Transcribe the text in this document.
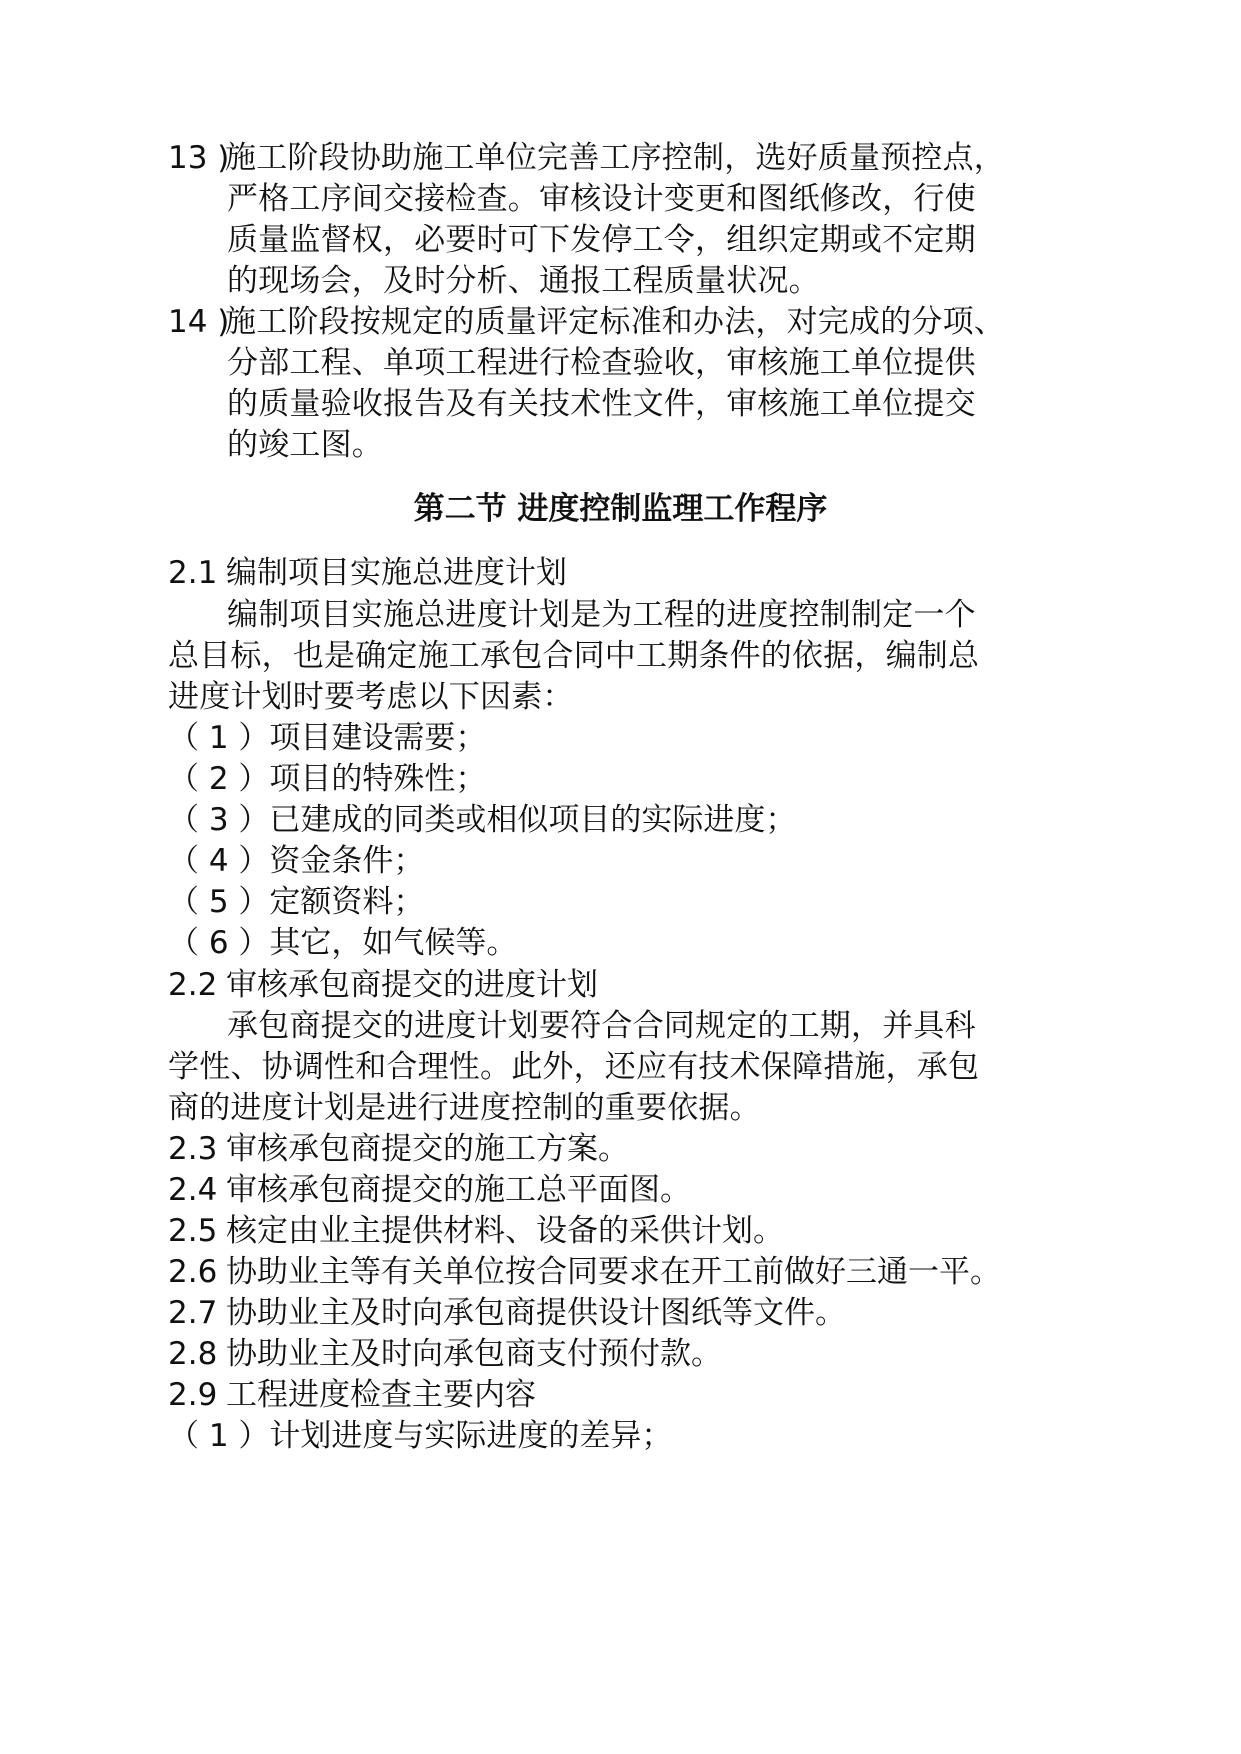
13 )
施工阶段协助施工单位完善工序控制，选好质量预控点，
严格工序间交接检查。审核设计变更和图纸修改，行使
质量监督权，必要时可下发停工令，组织定期或不定期
的现场会，及时分析、通报工程质量状况。
14 )
施工阶段按规定的质量评定标准和办法，对完成的分项、
分部工程、单项工程进行检查验收，审核施工单位提供
的质量验收报告及有关技术性文件，审核施工单位提交
的竣工图。
第二节 进度控制监理工作程序
2.1 编制项目实施总进度计划
编制项目实施总进度计划是为工程的进度控制制定一个
总目标，也是确定施工承包合同中工期条件的依据，编制总
进度计划时要考虑以下因素：
（ 1 ）项目建设需要；
（ 2 ）项目的特殊性；
（ 3 ）已建成的同类或相似项目的实际进度；
（ 4 ）资金条件；
（ 5 ）定额资料；
（ 6 ）其它，如气候等。
2.2 审核承包商提交的进度计划
承包商提交的进度计划要符合合同规定的工期，并具科
学性、协调性和合理性。此外，还应有技术保障措施，承包
商的进度计划是进行进度控制的重要依据。
2.3 审核承包商提交的施工方案。
2.4 审核承包商提交的施工总平面图。
2.5 核定由业主提供材料、设备的采供计划。
2.6 协助业主等有关单位按合同要求在开工前做好三通一平。
2.7 协助业主及时向承包商提供设计图纸等文件。
2.8 协助业主及时向承包商支付预付款。
2.9 工程进度检查主要内容
（ 1 ）计划进度与实际进度的差异；
